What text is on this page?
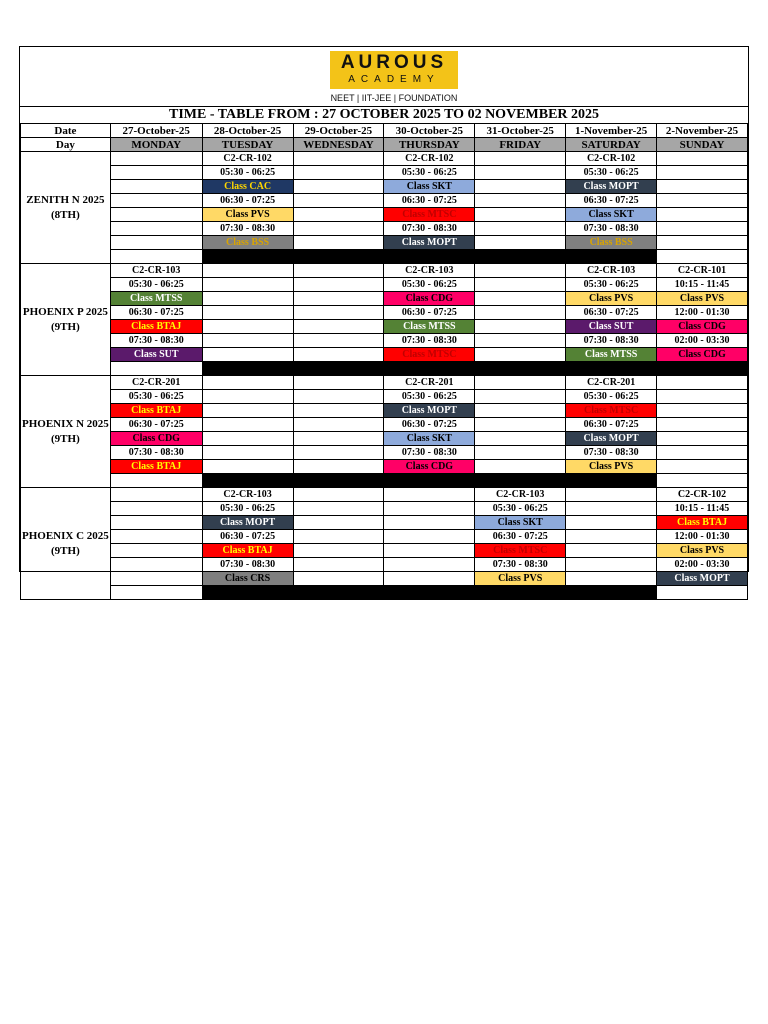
AUROUS
ACADEMY
NEET | IIT-JEE | FOUNDATION
TIME - TABLE FROM : 27 OCTOBER 2025 TO 02 NOVEMBER 2025
Date	27-October-25	28-October-25	29-October-25	30-October-25	31-October-25	1-November-25	2-November-25
Day	MONDAY	TUESDAY	WEDNESDAY	THURSDAY	FRIDAY	SATURDAY	SUNDAY
ZENITH N 2025 (8TH)		C2-CR-102		C2-CR-102		C2-CR-102	
		05:30 - 06:25		05:30 - 06:25		05:30 - 06:25	
		Class CAC		Class SKT		Class MOPT	
		06:30 - 07:25		06:30 - 07:25		06:30 - 07:25	
		Class PVS		Class MTSC		Class SKT	
		07:30 - 08:30		07:30 - 08:30		07:30 - 08:30	
		Class BSS		Class MOPT		Class BSS	

PHOENIX P 2025 (9TH)	C2-CR-103			C2-CR-103		C2-CR-103	C2-CR-101
	05:30 - 06:25			05:30 - 06:25		05:30 - 06:25	10:15 - 11:45
	Class MTSS			Class CDG		Class PVS	Class PVS
	06:30 - 07:25			06:30 - 07:25		06:30 - 07:25	12:00 - 01:30
	Class BTAJ			Class MTSS		Class SUT	Class CDG
	07:30 - 08:30			07:30 - 08:30		07:30 - 08:30	02:00 - 03:30
	Class SUT			Class MTSC		Class MTSS	Class CDG

PHOENIX N 2025 (9TH)	C2-CR-201			C2-CR-201		C2-CR-201	
	05:30 - 06:25			05:30 - 06:25		05:30 - 06:25	
	Class BTAJ			Class MOPT		Class MTSC	
	06:30 - 07:25			06:30 - 07:25		06:30 - 07:25	
	Class CDG			Class SKT		Class MOPT	
	07:30 - 08:30			07:30 - 08:30		07:30 - 08:30	
	Class BTAJ			Class CDG		Class PVS	

PHOENIX C 2025 (9TH)		C2-CR-103			C2-CR-103		C2-CR-102
		05:30 - 06:25			05:30 - 06:25		10:15 - 11:45
		Class MOPT			Class SKT		Class BTAJ
		06:30 - 07:25			06:30 - 07:25		12:00 - 01:30
		Class BTAJ			Class MTSC		Class PVS
		07:30 - 08:30			07:30 - 08:30		02:00 - 03:30
		Class CRS			Class PVS		Class MOPT
